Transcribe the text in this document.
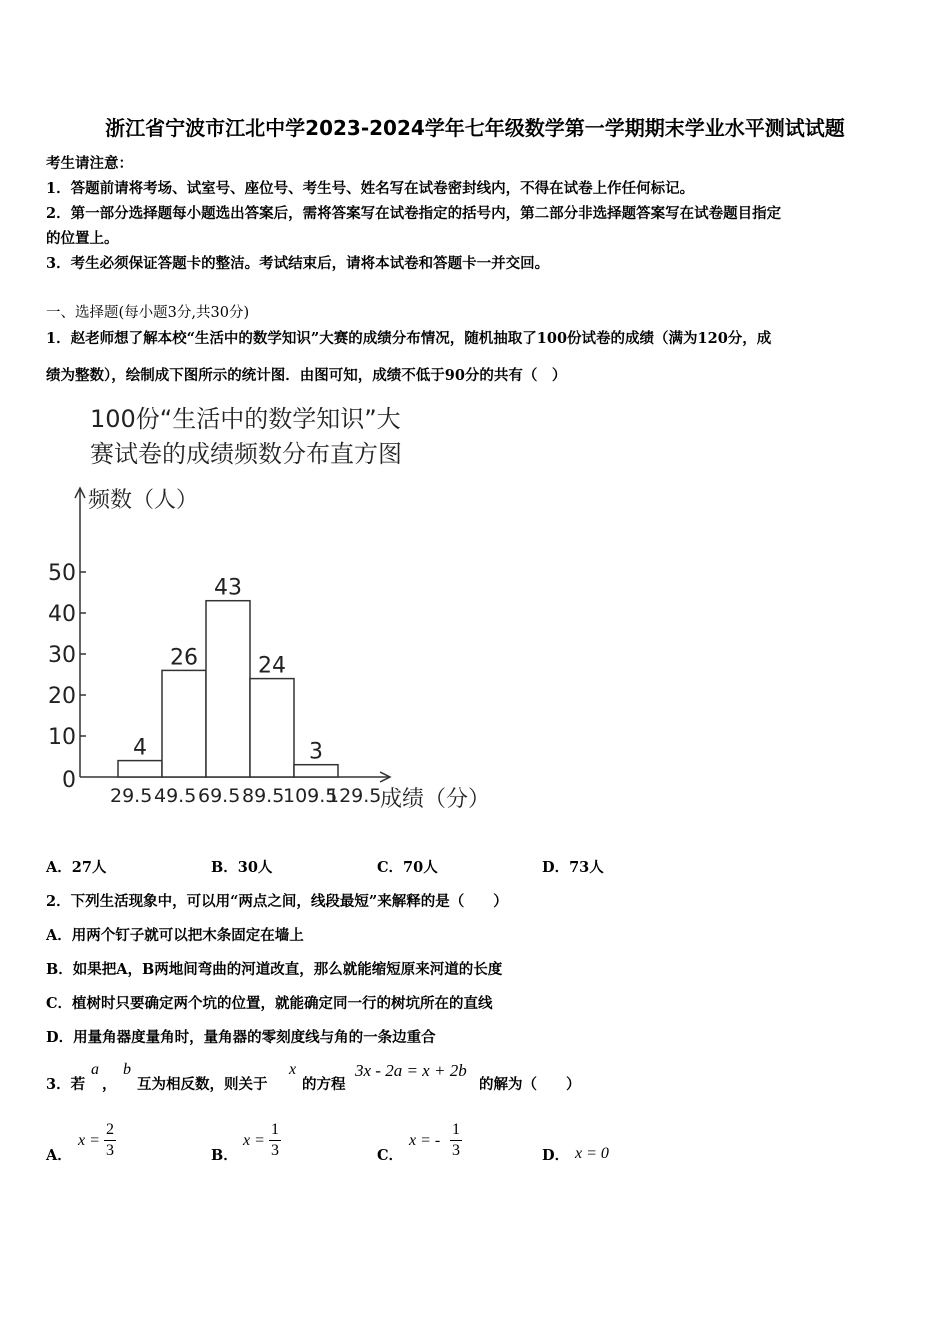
浙江省宁波市江北中学2023-2024学年七年级数学第一学期期末学业水平测试试题
考生请注意：
1．答题前请将考场、试室号、座位号、考生号、姓名写在试卷密封线内，不得在试卷上作任何标记。
2．第一部分选择题每小题选出答案后，需将答案写在试卷指定的括号内，第二部分非选择题答案写在试卷题目指定
的位置上。
3．考生必须保证答题卡的整洁。考试结束后，请将本试卷和答题卡一并交回。
一、选择题(每小题3分,共30分)
1．赵老师想了解本校“生活中的数学知识”大赛的成绩分布情况，随机抽取了100份试卷的成绩（满为120分，成
绩为整数），绘制成下图所示的统计图．由图可知，成绩不低于90分的共有（　）
100份“生活中的数学知识”大
赛试卷的成绩频数分布直方图
频数（人）
成绩（分）
0
10
20
30
40
50
29.5 49.5 69.5 89.5
109.5
129.5
4
26
43
24
3
A．27人	B．30人	C．70人	D．73人
2．下列生活现象中，可以用“两点之间，线段最短”来解释的是（　　）
A．用两个钉子就可以把木条固定在墙上
B．如果把A，B两地间弯曲的河道改直，那么就能缩短原来河道的长度
C．植树时只要确定两个坑的位置，就能确定同一行的树坑所在的直线
D．用量角器度量角时，量角器的零刻度线与角的一条边重合
3．若
a
，
b
互为相反数，则关于
x
的方程
3x - 2a = x + 2b
的解为（　　）
A．
x =
2
3	B．
x =
1
3	C．
x = -
1
3	D． x = 0
